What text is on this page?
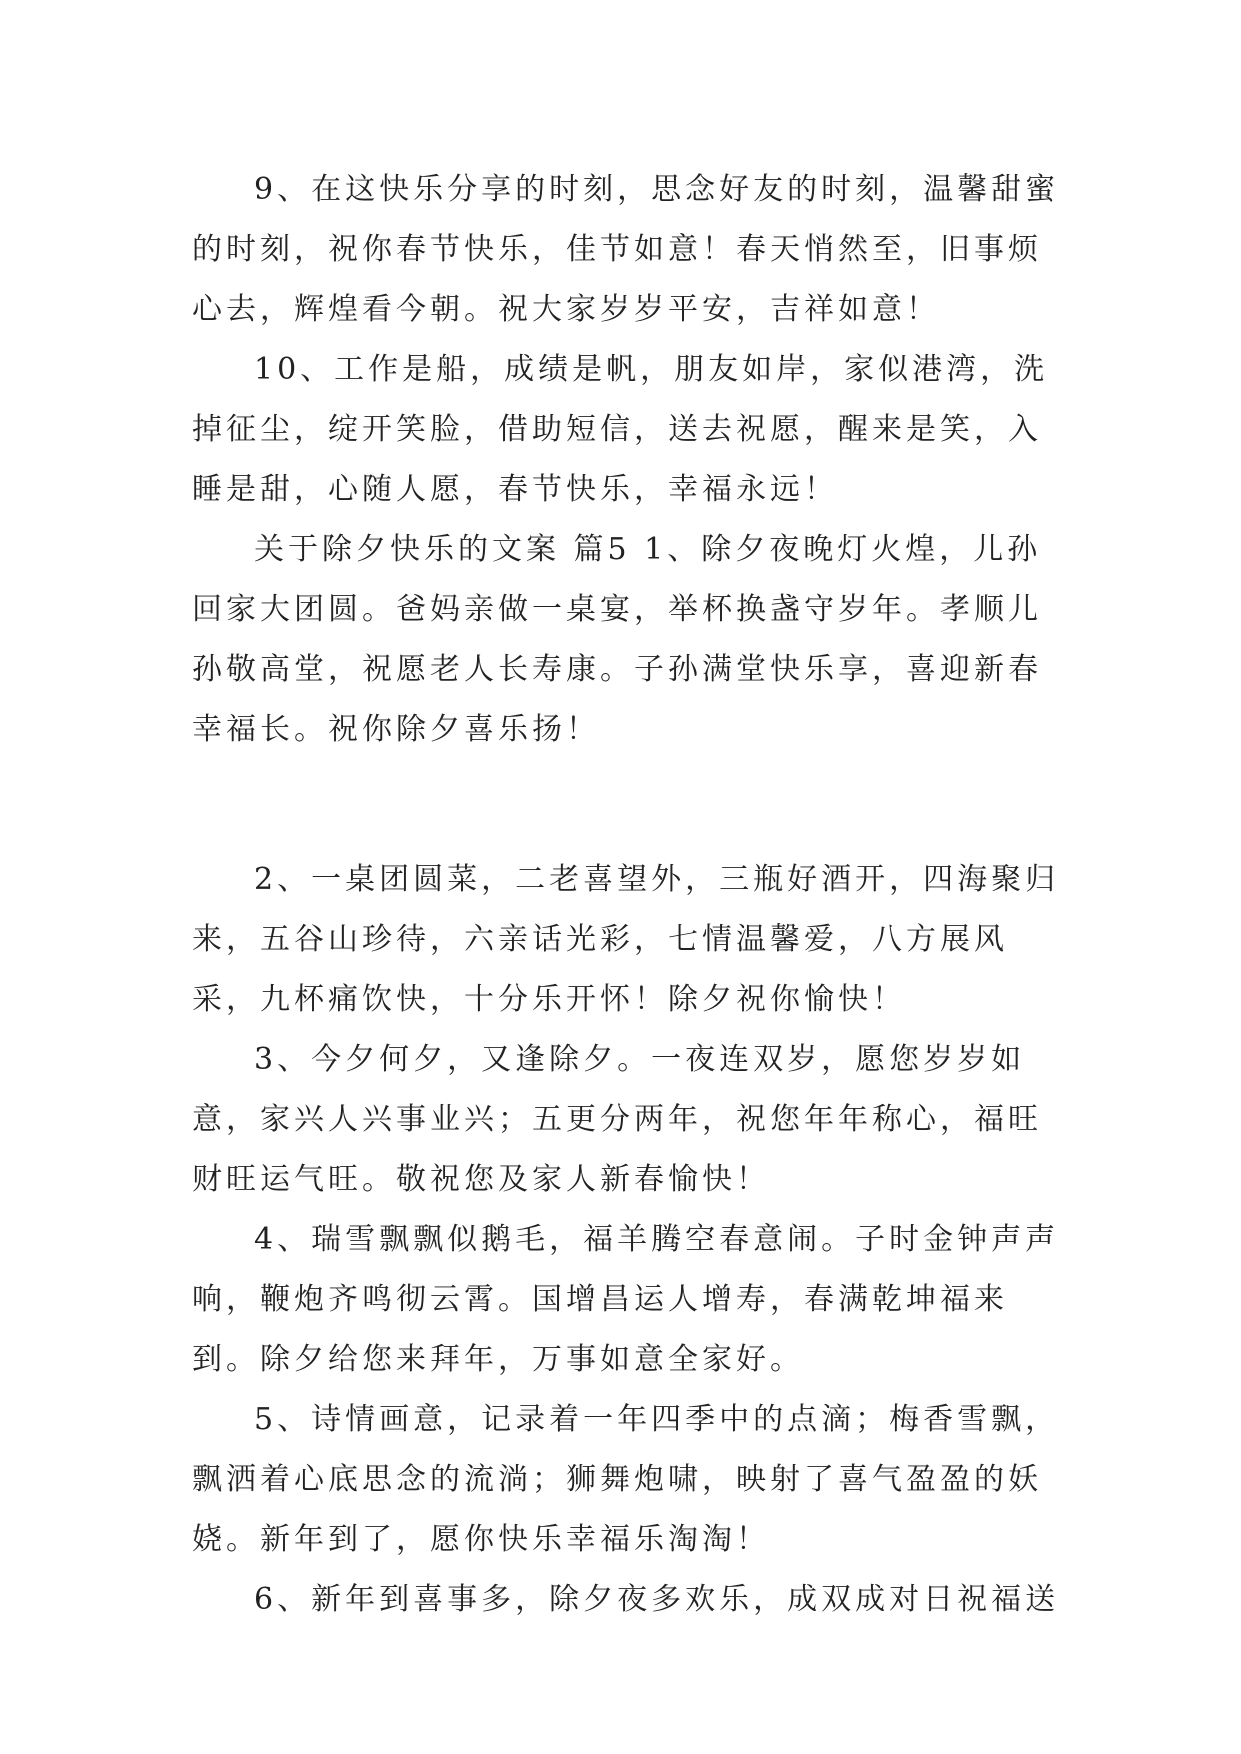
9、在这快乐分享的时刻，思念好友的时刻，温馨甜蜜的时刻，祝你春节快乐，佳节如意！春天悄然至，旧事烦心去，辉煌看今朝。祝大家岁岁平安，吉祥如意！

10、工作是船，成绩是帆，朋友如岸，家似港湾，洗掉征尘，绽开笑脸，借助短信，送去祝愿，醒来是笑，入睡是甜，心随人愿，春节快乐，幸福永远！

关于除夕快乐的文案 篇5 1、除夕夜晚灯火煌，儿孙回家大团圆。爸妈亲做一桌宴，举杯换盏守岁年。孝顺儿孙敬高堂，祝愿老人长寿康。子孙满堂快乐享，喜迎新春幸福长。祝你除夕喜乐扬！

2、一桌团圆菜，二老喜望外，三瓶好酒开，四海聚归来，五谷山珍待，六亲话光彩，七情温馨爱，八方展风采，九杯痛饮快，十分乐开怀！除夕祝你愉快！

3、今夕何夕，又逢除夕。一夜连双岁，愿您岁岁如意，家兴人兴事业兴；五更分两年，祝您年年称心，福旺财旺运气旺。敬祝您及家人新春愉快！

4、瑞雪飘飘似鹅毛，福羊腾空春意闹。子时金钟声声响，鞭炮齐鸣彻云霄。国增昌运人增寿，春满乾坤福来到。除夕给您来拜年，万事如意全家好。

5、诗情画意，记录着一年四季中的点滴；梅香雪飘，飘洒着心底思念的流淌；狮舞炮啸，映射了喜气盈盈的妖娆。新年到了，愿你快乐幸福乐淘淘！

6、新年到喜事多，除夕夜多欢乐，成双成对日祝福送
